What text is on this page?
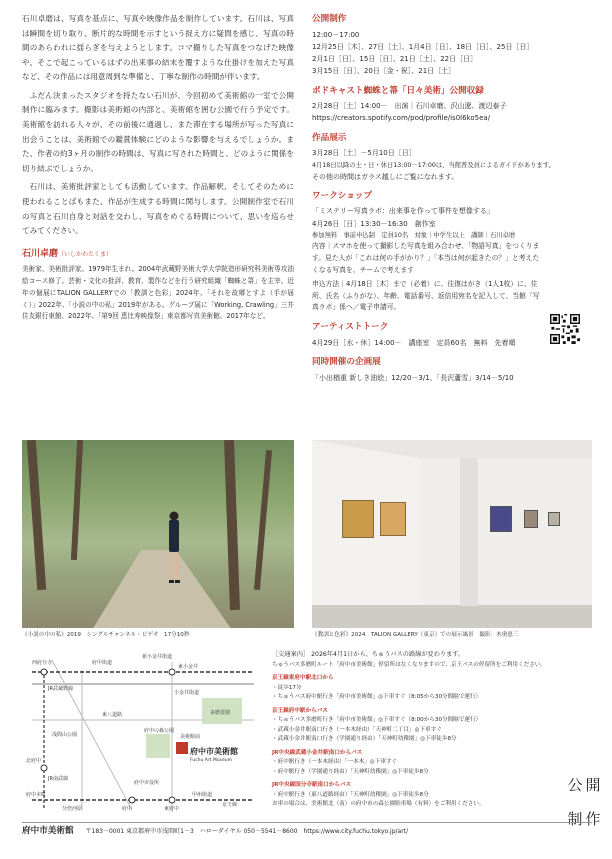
石川卓磨は、写真を基点に、写真や映像作品を制作しています。石川は、写真は瞬間を切り取り、断片的な時間を示すという捉え方に疑問を感じ、写真の時間のあらわれに揺らぎを与えようとします。コマ撮りした写真をつなげた映像や、そこで起こっているはずの出来事の結末を覆すような仕掛けを加えた写真など、その作品には用意周到な準備と、丁寧な制作の時間が伴います。

ふだん決まったスタジオを持たない石川が、今回初めて美術館の一室で公開制作に臨みます。撮影は美術館の内部と、美術館を囲む公園で行う予定です。美術館を訪れる人々が、その前後に通過し、また滞在する場所が写った写真に出会うことは、美術館での鑑賞体験にどのような影響を与えるでしょうか。また、作者の約3ヶ月の制作の時間は、写真に写された時間と、どのように関係を切り結ぶでしょうか。

石川は、美術批評家としても活動しています。作品解釈、そしてそのために使われることばもまた、作品が生成する時間に関与します。公開制作室で石川の写真と石川自身と対話を交わし、写真をめぐる時間について、思いを巡らせてみてください。

石川卓磨（いしかわたくま）
美術家、美術批評家。1979年生まれ。2004年武蔵野美術大学大学院造形研究科美術専攻油絵コース修了。芸術・文化の批評、教育、製作などを行う研究組織「蜘蛛と箒」を主宰。近年の個展にTALION GALLERYでの「教訓と色彩」2024年、「それを故郷とすよ（手が届く）」2022年、「小説の中の私」2019年がある。グループ展に「Working, Crawling」三井住友銀行東館、2022年、「第9回 恵比寿映像祭」東京都写真美術館、2017年など。
公開制作
12:00－17:00
12月25日［木］、27日［土］、1月4日［日］、18日［日］、25日［日］
2月1日［日］、15日［日］、21日［土］、22日［日］
3月15日［日］、20日［金・祝］、21日［土］
ポドキャスト蜘蛛と箒「日々美術」公開収録
2月28日［土］14:00－　出演｜石川卓磨、沢山遼、渡辺泰子
https://creators.spotify.com/pod/profile/is0l6ko5ea/
作品展示
3月28日［土］－5月10日［日］
4月18日以降の土・日・休日13:00－17:00は、当館普及員によるガイドがあります。
その他の時間はガラス越しにご覧になれます。
ワークショップ
「ミステリー写真ラボ：出来事を作って事件を想像する」
4月26日［日］13:30－16:30　創作室
参加無料　事前申込制　定員10名　対象｜中学生以上　講師｜石川卓磨
内容｜スマホを使って撮影した写真を組み合わせ、「物語写真」をつくります。見た人が「これは何の手がかり？」「本当は何が起きたの？」と考えたくなる写真を、チームで考えます
申込方法｜4月18日［木］まで（必着）に、往復はがき（1人1枚）に、住所、氏名（ふりがな）、年齢、電話番号、返信用宛名を記入して、当館「写真ラボ」係へ／電子申請可。
アーティストトーク
4月29日［水・休］14:00－　講座室　定員60名　無料　先着順
同時開催の企画展
「小出楢重 新しき油絵」12/20－3/1、「長沢蘆雪」3/14－5/10
《小説の中の私》2019　シングルチャンネル・ビデオ　17分10秒	《教訓と色彩》2024　TALION GALLERY（東京）での展示風景　撮影：木奥恵三
西府分寺	府中街道
新小金井街道
東小金井
北府中
府中本町
分倍河原	府中	東府中
府中市美術館
Fuchu Art Museum
府中の森公園
東八道路	多磨霊園
甲州街道
小金井街道
京王線
JR南武線
JR武蔵野線
浅間山公園	美術館前
府中市役所
［交通案内］ 2026年4月1日から、ちゅうバスの路線が変わります。
ちゅうバス多磨町ルート「府中市美術館」停留所はなくなりますので、京王バスの停留所をご利用ください。
京王線東府中駅北口から
・徒歩17分
・ちゅうバス府中駅行き「府中市美術館」◎下車すぐ（8:05から30分間隔で運行）
京王線府中駅からバス
・ちゅうバス多磨町行き「府中市美術館」◎下車すぐ（8:00から30分間隔で運行）
・武蔵小金井駅南口行き（一本木経由）「天神町二丁目」◎下車すぐ
・武蔵小金井駅南口行き（学園通り経由）「天神町幼稚園」◎下車徒歩8分
JR中央線武蔵小金井駅南口からバス
・府中駅行き（一本木経由）「一本木」◎下車すぐ
・府中駅行き（学園通り経由）「天神町幼稚園」◎下車徒歩8分
JR中央線国分寺駅南口からバス
・府中駅行き（東八道路経由）「天神町幼稚園」◎下車徒歩8分
お車の場合は、美術館北（南）の府中市の森公園駐車場（有料）をご利用ください。
公 開
制 作
府中市美術館 〒183－0001 東京都府中市浅間町1－3　ハローダイヤル 050－5541－8600　https://www.city.fuchu.tokyo.jp/art/
